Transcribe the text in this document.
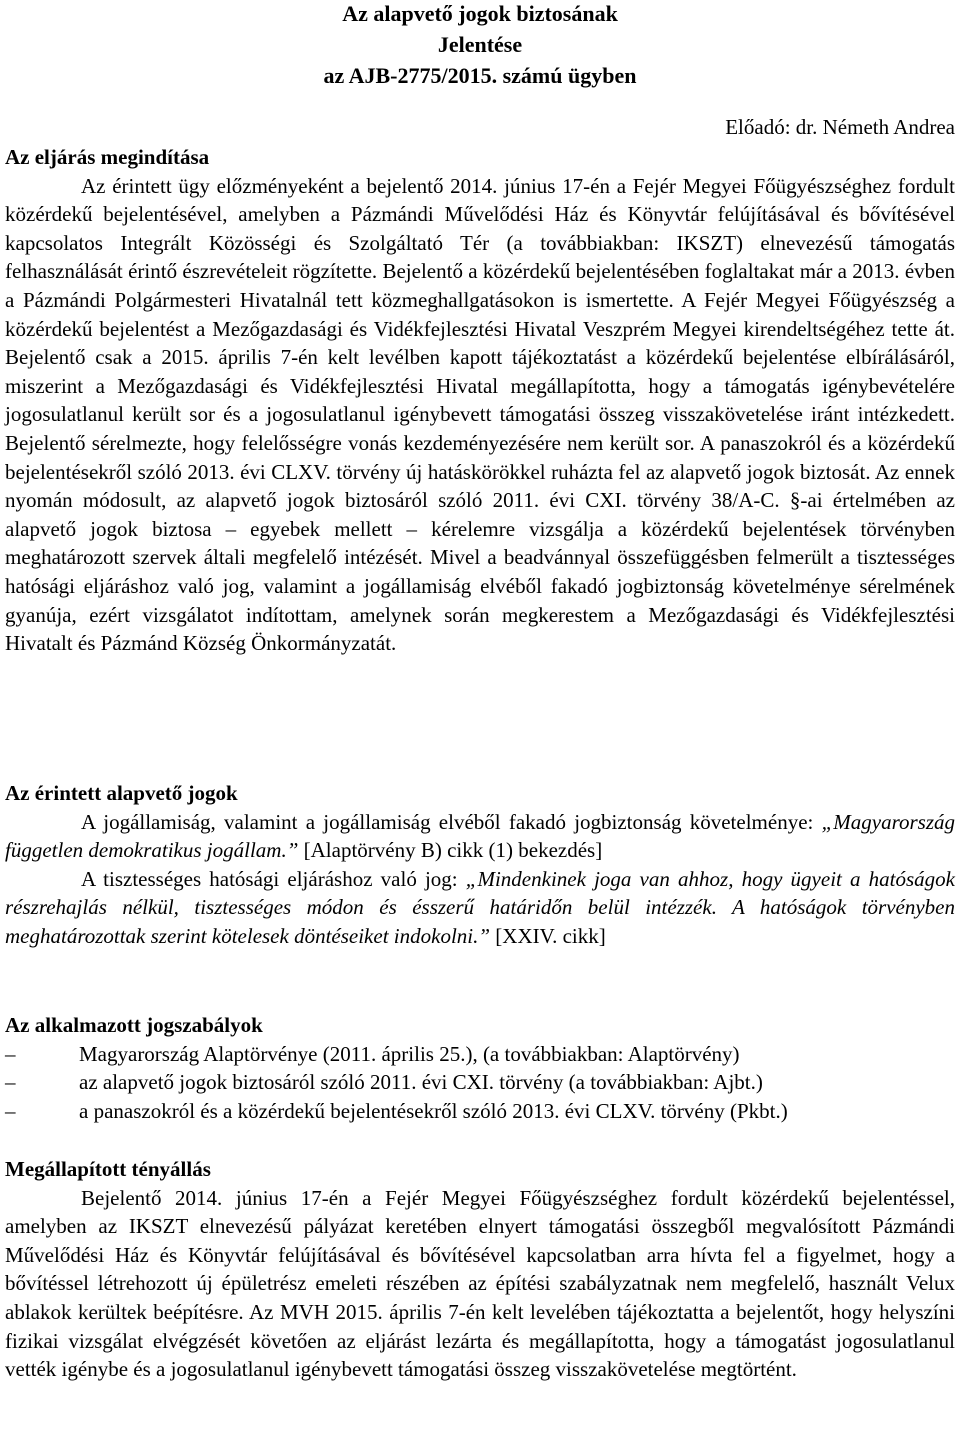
Az alapvető jogok biztosának
Jelentése
az AJB-2775/2015. számú ügyben
Előadó: dr. Németh Andrea
Az eljárás megindítása

Az érintett ügy előzményeként a bejelentő 2014. június 17-én a Fejér Megyei Főügyészséghez fordult közérdekű bejelentésével, amelyben a Pázmándi Művelődési Ház és Könyvtár felújításával és bővítésével kapcsolatos Integrált Közösségi és Szolgáltató Tér (a továbbiakban: IKSZT) elnevezésű támogatás felhasználását érintő észrevételeit rögzítette. Bejelentő a közérdekű bejelentésében foglaltakat már a 2013. évben a Pázmándi Polgármesteri Hivatalnál tett közmeghallgatásokon is ismertette. A Fejér Megyei Főügyészség a közérdekű bejelentést a Mezőgazdasági és Vidékfejlesztési Hivatal Veszprém Megyei kirendeltségéhez tette át. Bejelentő csak a 2015. április 7-én kelt levélben kapott tájékoztatást a közérdekű bejelentése elbírálásáról, miszerint a Mezőgazdasági és Vidékfejlesztési Hivatal megállapította, hogy a támogatás igénybevételére jogosulatlanul került sor és a jogosulatlanul igénybevett támogatási összeg visszakövetelése iránt intézkedett. Bejelentő sérelmezte, hogy felelősségre vonás kezdeményezésére nem került sor. A panaszokról és a közérdekű bejelentésekről szóló 2013. évi CLXV. törvény új hatáskörökkel ruházta fel az alapvető jogok biztosát. Az ennek nyomán módosult, az alapvető jogok biztosáról szóló 2011. évi CXI. törvény 38/A-C. §-ai értelmében az alapvető jogok biztosa – egyebek mellett – kérelemre vizsgálja a közérdekű bejelentések törvényben meghatározott szervek általi megfelelő intézését. Mivel a beadvánnyal összefüggésben felmerült a tisztességes hatósági eljáráshoz való jog, valamint a jogállamiság elvéből fakadó jogbiztonság követelménye sérelmének gyanúja, ezért vizsgálatot indítottam, amelynek során megkerestem a Mezőgazdasági és Vidékfejlesztési Hivatalt és Pázmánd Község Önkormányzatát.

Az érintett alapvető jogok

A jogállamiság, valamint a jogállamiság elvéből fakadó jogbiztonság követelménye: „Magyarország független demokratikus jogállam.” [Alaptörvény B) cikk (1) bekezdés]

A tisztességes hatósági eljáráshoz való jog: „Mindenkinek joga van ahhoz, hogy ügyeit a hatóságok részrehajlás nélkül, tisztességes módon és ésszerű határidőn belül intézzék. A hatóságok törvényben meghatározottak szerint kötelesek döntéseiket indokolni.” [XXIV. cikk]

Az alkalmazott jogszabályok
–	Magyarország Alaptörvénye (2011. április 25.), (a továbbiakban: Alaptörvény)
–	az alapvető jogok biztosáról szóló 2011. évi CXI. törvény (a továbbiakban: Ajbt.)
–	a panaszokról és a közérdekű bejelentésekről szóló 2013. évi CLXV. törvény (Pkbt.)
Megállapított tényállás

Bejelentő 2014. június 17-én a Fejér Megyei Főügyészséghez fordult közérdekű bejelentéssel, amelyben az IKSZT elnevezésű pályázat keretében elnyert támogatási összegből megvalósított Pázmándi Művelődési Ház és Könyvtár felújításával és bővítésével kapcsolatban arra hívta fel a figyelmet, hogy a bővítéssel létrehozott új épületrész emeleti részében az építési szabályzatnak nem megfelelő, használt Velux ablakok kerültek beépítésre. Az MVH 2015. április 7-én kelt levelében tájékoztatta a bejelentőt, hogy helyszíni fizikai vizsgálat elvégzését követően az eljárást lezárta és megállapította, hogy a támogatást jogosulatlanul vették igénybe és a jogosulatlanul igénybevett támogatási összeg visszakövetelése megtörtént.
